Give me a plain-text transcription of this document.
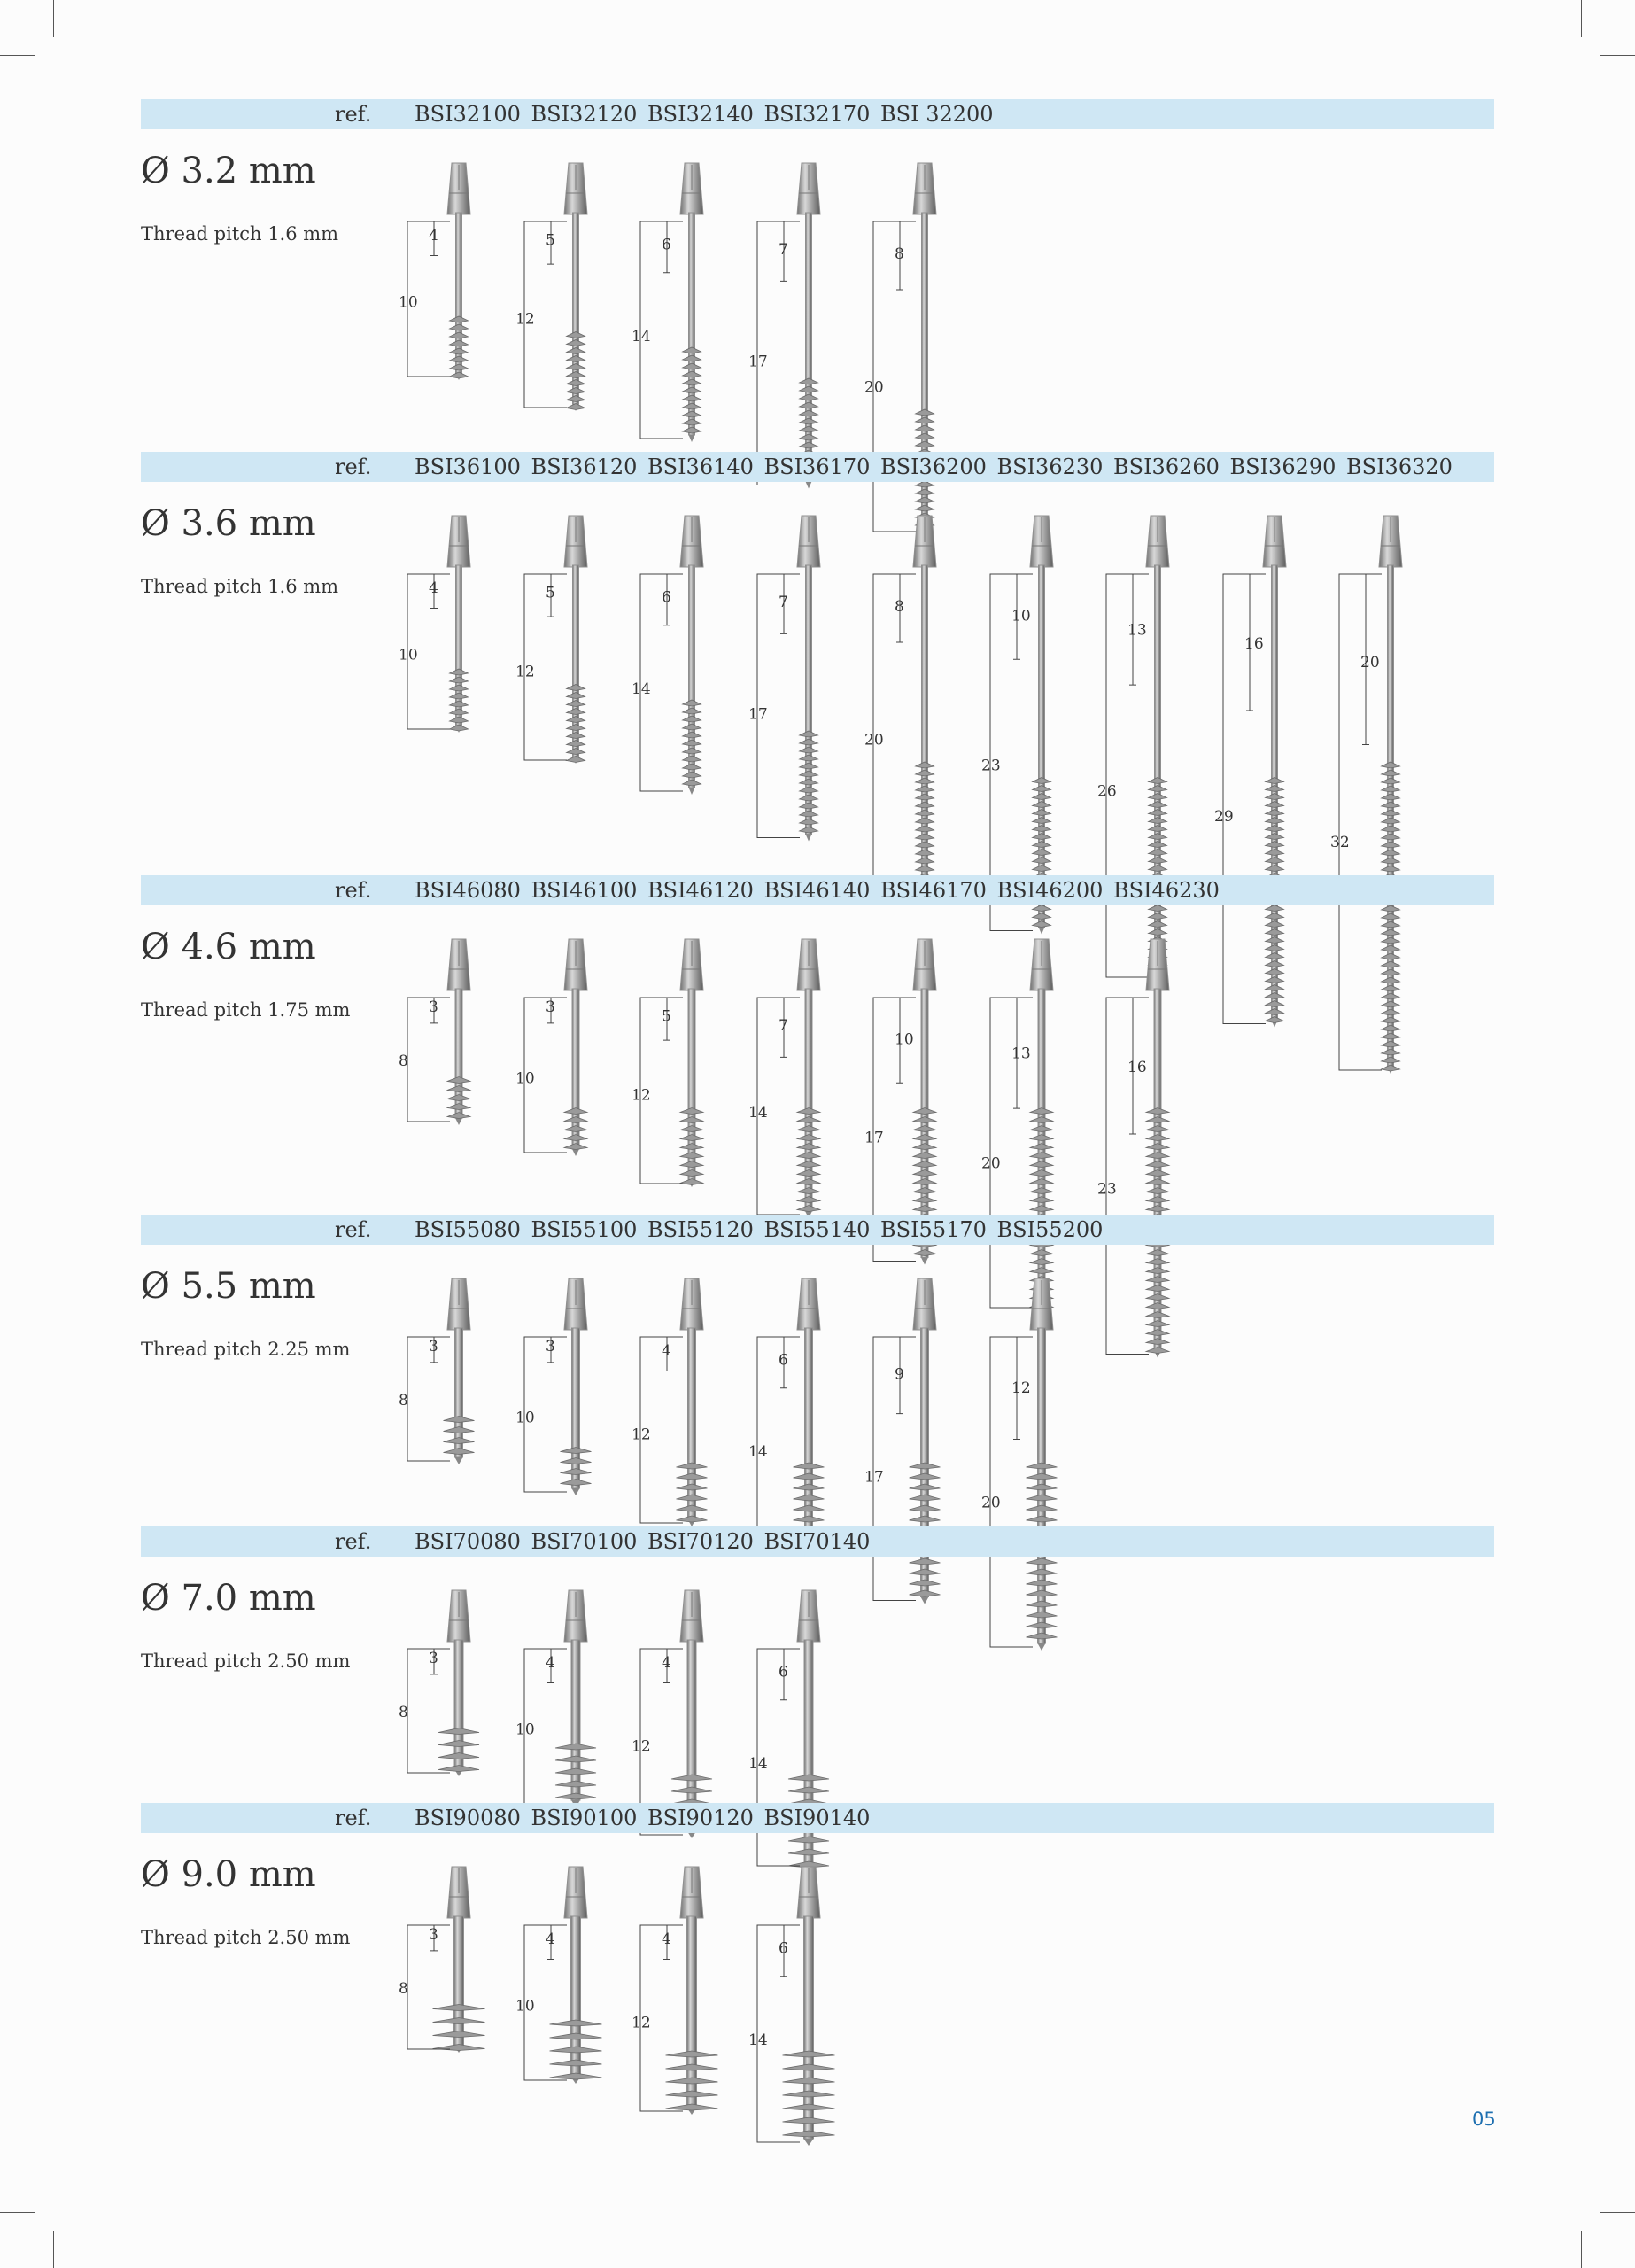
ref. BSI32100 BSI32120 BSI32140 BSI32170 BSI 32200
Ø 3.2 mm
Thread pitch 1.6 mm
10
4
12
5
14
6
17
7
20
8
ref. BSI36100 BSI36120 BSI36140 BSI36170 BSI36200 BSI36230 BSI36260 BSI36290 BSI36320
Ø 3.6 mm
Thread pitch 1.6 mm
10
4
12
5
14
6
17
7
20
8
23
10
26
13
29
16
32
20
ref. BSI46080 BSI46100 BSI46120 BSI46140 BSI46170 BSI46200 BSI46230
Ø 4.6 mm
Thread pitch 1.75 mm
8
3
10
3
12
5
14
7
17
10
20
13
23
16
ref. BSI55080 BSI55100 BSI55120 BSI55140 BSI55170 BSI55200
Ø 5.5 mm
Thread pitch 2.25 mm
8
3
10
3
12
4
14
6
17
9
20
12
ref. BSI70080 BSI70100 BSI70120 BSI70140
Ø 7.0 mm
Thread pitch 2.50 mm
8
3
10
4
12
4
14
6
ref. BSI90080 BSI90100 BSI90120 BSI90140
Ø 9.0 mm
Thread pitch 2.50 mm
8
3
10
4
12
4
14
6
05
